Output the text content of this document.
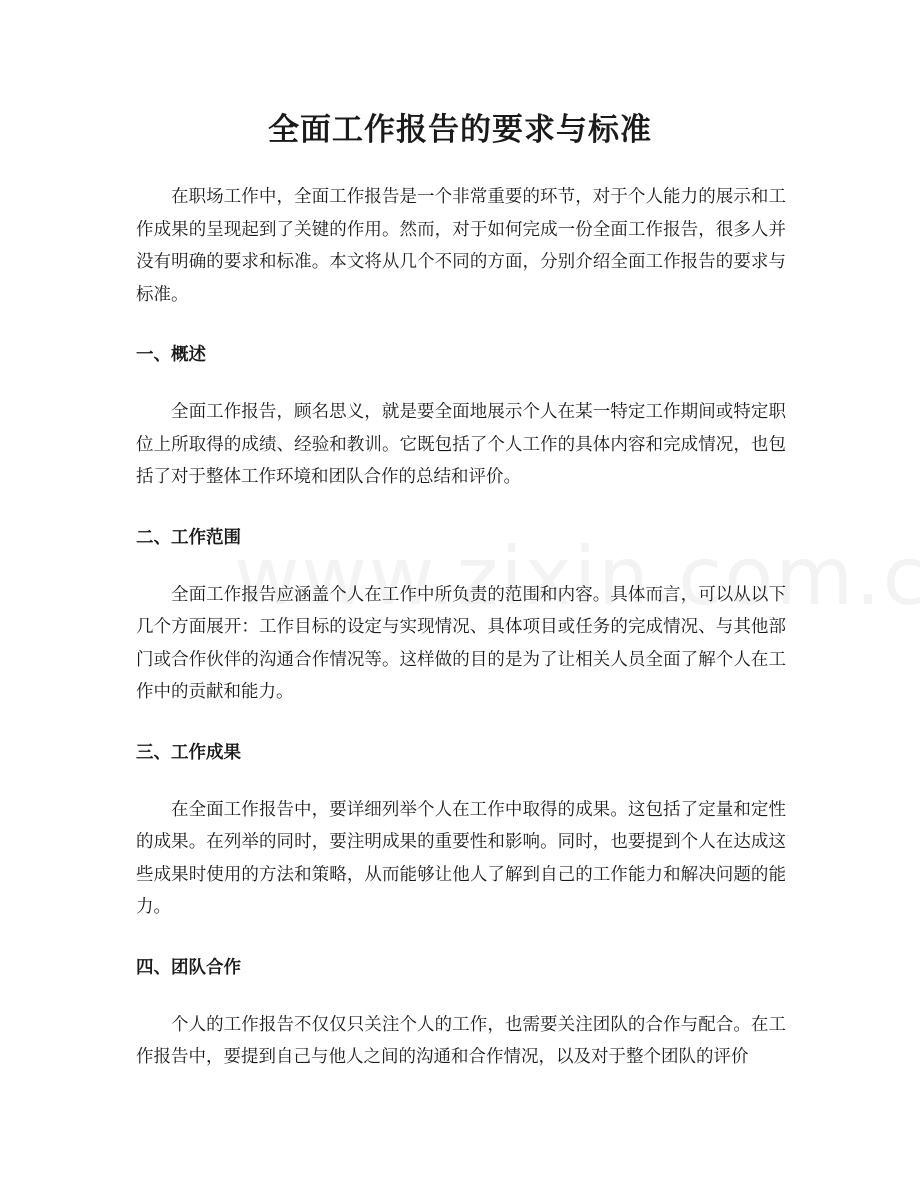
全面工作报告的要求与标准

在职场工作中，全面工作报告是一个非常重要的环节，对于个人能力的展示和工作成果的呈现起到了关键的作用。然而，对于如何完成一份全面工作报告，很多人并没有明确的要求和标准。本文将从几个不同的方面，分别介绍全面工作报告的要求与标准。

一、概述

全面工作报告，顾名思义，就是要全面地展示个人在某一特定工作期间或特定职位上所取得的成绩、经验和教训。它既包括了个人工作的具体内容和完成情况，也包括了对于整体工作环境和团队合作的总结和评价。

二、工作范围

全面工作报告应涵盖个人在工作中所负责的范围和内容。具体而言，可以从以下几个方面展开：工作目标的设定与实现情况、具体项目或任务的完成情况、与其他部门或合作伙伴的沟通合作情况等。这样做的目的是为了让相关人员全面了解个人在工作中的贡献和能力。

三、工作成果

在全面工作报告中，要详细列举个人在工作中取得的成果。这包括了定量和定性的成果。在列举的同时，要注明成果的重要性和影响。同时，也要提到个人在达成这些成果时使用的方法和策略，从而能够让他人了解到自己的工作能力和解决问题的能力。

四、团队合作

个人的工作报告不仅仅只关注个人的工作，也需要关注团队的合作与配合。在工作报告中，要提到自己与他人之间的沟通和合作情况，以及对于整个团队的评价
